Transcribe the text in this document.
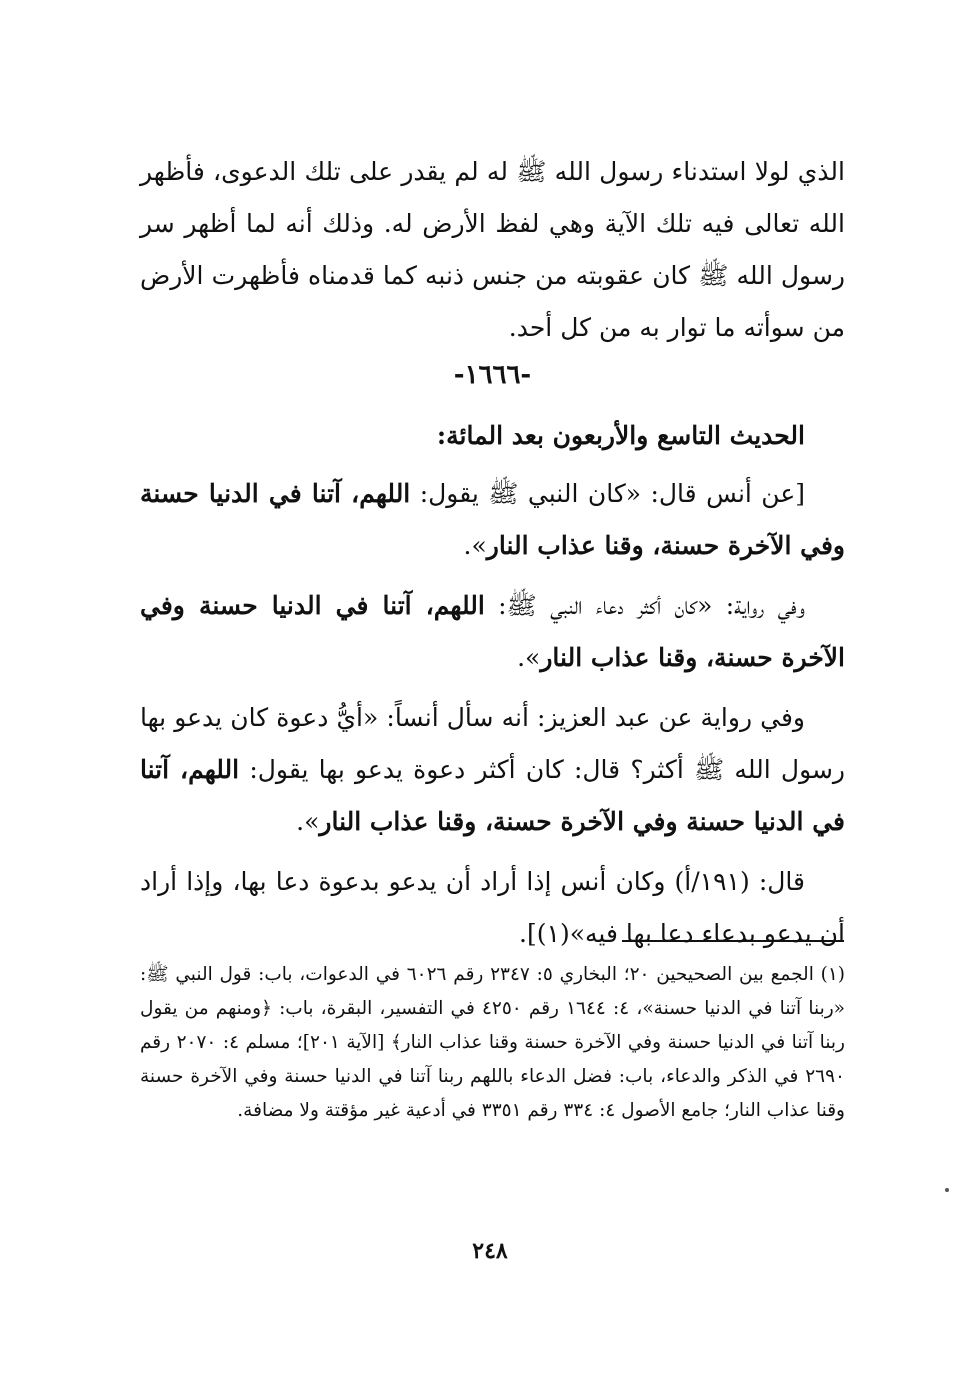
الذي لولا استدناء رسول الله ﷺ له لم يقدر على تلك الدعوى، فأظهر الله تعالى فيه تلك الآية وهي لفظ الأرض له. وذلك أنه لما أظهر سر رسول الله ﷺ كان عقوبته من جنس ذنبه كما قدمناه فأظهرت الأرض من سوأته ما توار به من كل أحد.

-١٦٦٦-

الحديث التاسع والأربعون بعد المائة:

[عن أنس قال: «كان النبي ﷺ يقول: اللهم، آتنا في الدنيا حسنة وفي الآخرة حسنة، وقنا عذاب النار».

وفي رواية: «كان أكثر دعاء النبي ﷺ: اللهم، آتنا في الدنيا حسنة وفي الآخرة حسنة، وقنا عذاب النار».

وفي رواية عن عبد العزيز: أنه سأل أنساً: «أيُّ دعوة كان يدعو بها رسول الله ﷺ أكثر؟ قال: كان أكثر دعوة يدعو بها يقول: اللهم، آتنا في الدنيا حسنة وفي الآخرة حسنة، وقنا عذاب النار».

قال: (١٩١/أ) وكان أنس إذا أراد أن يدعو بدعوة دعا بها، وإذا أراد أن يدعو بدعاء دعا بها فيه»(١)].

(١) الجمع بين الصحيحين ٢٠؛ البخاري ٥: ٢٣٤٧ رقم ٦٠٢٦ في الدعوات، باب: قول النبي ﷺ: «ربنا آتنا في الدنيا حسنة»، ٤: ١٦٤٤ رقم ٤٢٥٠ في التفسير، البقرة، باب: ﴿ومنهم من يقول ربنا آتنا في الدنيا حسنة وفي الآخرة حسنة وقنا عذاب النار﴾ [الآية ٢٠١]؛ مسلم ٤: ٢٠٧٠ رقم ٢٦٩٠ في الذكر والدعاء، باب: فضل الدعاء باللهم ربنا آتنا في الدنيا حسنة وفي الآخرة حسنة وقنا عذاب النار؛ جامع الأصول ٤: ٣٣٤ رقم ٣٣٥١ في أدعية غير مؤقتة ولا مضافة.

٢٤٨
